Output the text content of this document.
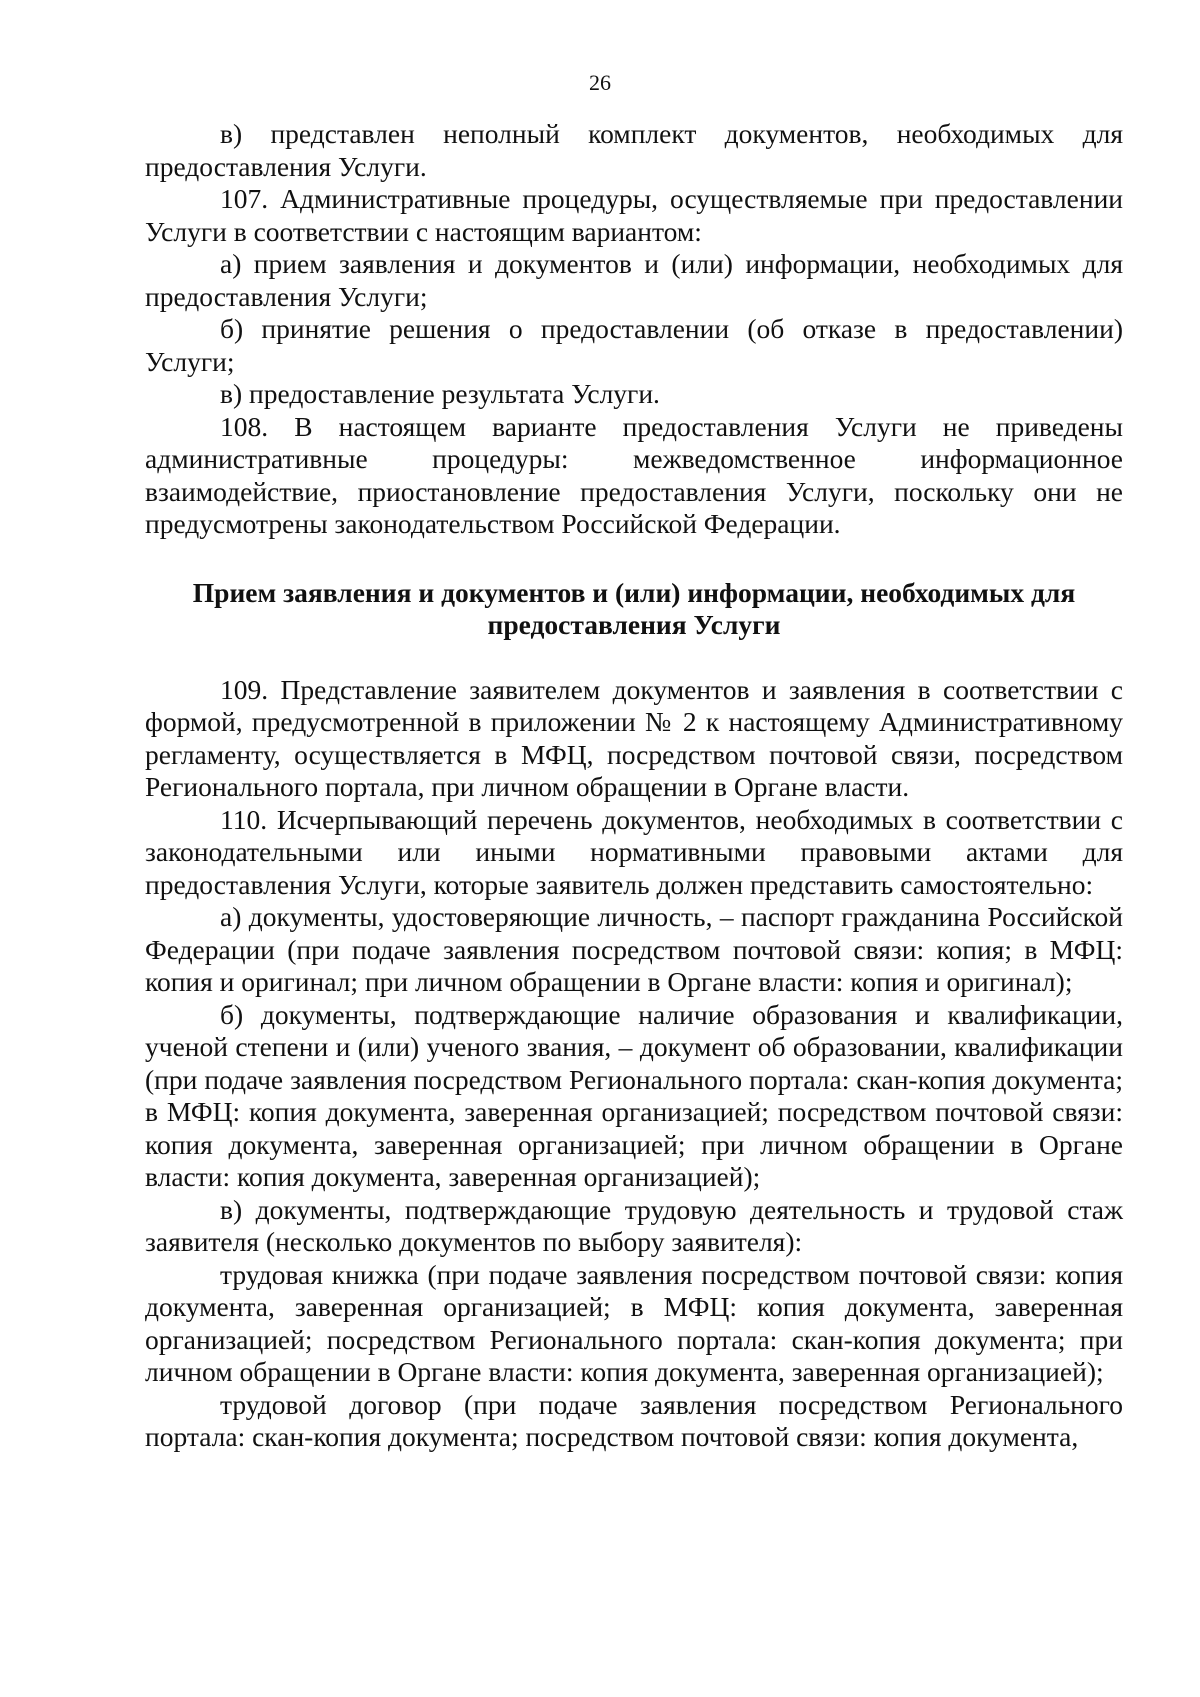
26

в) представлен неполный комплект документов, необходимых для предоставления Услуги.

107. Административные процедуры, осуществляемые при предоставлении Услуги в соответствии с настоящим вариантом:

а) прием заявления и документов и (или) информации, необходимых для предоставления Услуги;

б) принятие решения о предоставлении (об отказе в предоставлении) Услуги;

в) предоставление результата Услуги.

108. В настоящем варианте предоставления Услуги не приведены административные процедуры: межведомственное информационное взаимодействие, приостановление предоставления Услуги, поскольку они не предусмотрены законодательством Российской Федерации.

Прием заявления и документов и (или) информации, необходимых для предоставления Услуги

109. Представление заявителем документов и заявления в соответствии с формой, предусмотренной в приложении № 2 к настоящему Административному регламенту, осуществляется в МФЦ, посредством почтовой связи, посредством Регионального портала, при личном обращении в Органе власти.

110. Исчерпывающий перечень документов, необходимых в соответствии с законодательными или иными нормативными правовыми актами для предоставления Услуги, которые заявитель должен представить самостоятельно:

а) документы, удостоверяющие личность, – паспорт гражданина Российской Федерации (при подаче заявления посредством почтовой связи: копия; в МФЦ: копия и оригинал; при личном обращении в Органе власти: копия и оригинал);

б) документы, подтверждающие наличие образования и квалификации, ученой степени и (или) ученого звания, – документ об образовании, квалификации (при подаче заявления посредством Регионального портала: скан-копия документа; в МФЦ: копия документа, заверенная организацией; посредством почтовой связи: копия документа, заверенная организацией; при личном обращении в Органе власти: копия документа, заверенная организацией);

в) документы, подтверждающие трудовую деятельность и трудовой стаж заявителя (несколько документов по выбору заявителя):

трудовая книжка (при подаче заявления посредством почтовой связи: копия документа, заверенная организацией; в МФЦ: копия документа, заверенная организацией; посредством Регионального портала: скан-копия документа; при личном обращении в Органе власти: копия документа, заверенная организацией);

трудовой договор (при подаче заявления посредством Регионального портала: скан-копия документа; посредством почтовой связи: копия документа,
